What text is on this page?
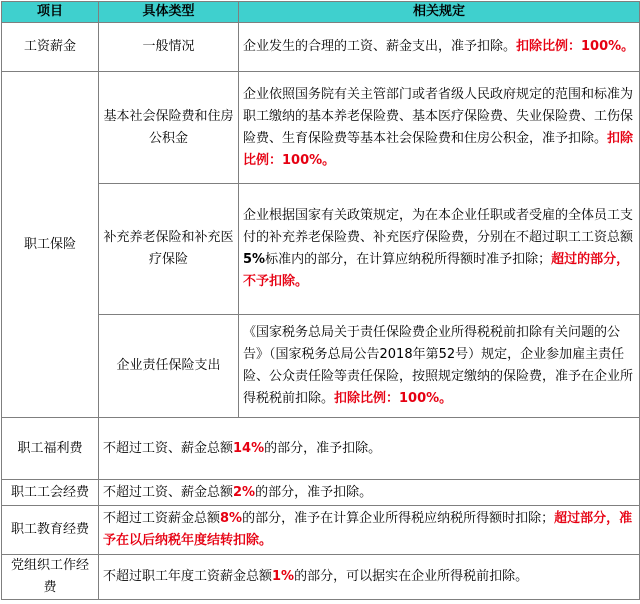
项目	具体类型	相关规定
工资薪金	一般情况	企业发生的合理的工资、薪金支出，准予扣除。扣除比例：100%。
职工保险	基本社会保险费和住房公积金	企业依照国务院有关主管部门或者省级人民政府规定的范围和标准为职工缴纳的基本养老保险费、基本医疗保险费、失业保险费、工伤保险费、生育保险费等基本社会保险费和住房公积金，准予扣除。扣除比例：100%。
	补充养老保险和补充医疗保险	企业根据国家有关政策规定，为在本企业任职或者受雇的全体员工支付的补充养老保险费、补充医疗保险费，分别在不超过职工工资总额5%标准内的部分，在计算应纳税所得额时准予扣除；超过的部分，不予扣除。
	企业责任保险支出	《国家税务总局关于责任保险费企业所得税税前扣除有关问题的公告》（国家税务总局公告2018年第52号）规定，企业参加雇主责任险、公众责任险等责任保险，按照规定缴纳的保险费，准予在企业所得税税前扣除。扣除比例：100%。
职工福利费	不超过工资、薪金总额14%的部分，准予扣除。	
职工工会经费	不超过工资、薪金总额2%的部分，准予扣除。	
职工教育经费	不超过工资薪金总额8%的部分，准予在计算企业所得税应纳税所得额时扣除；超过部分，准予在以后纳税年度结转扣除。	
党组织工作经费	不超过职工年度工资薪金总额1%的部分，可以据实在企业所得税前扣除。	
